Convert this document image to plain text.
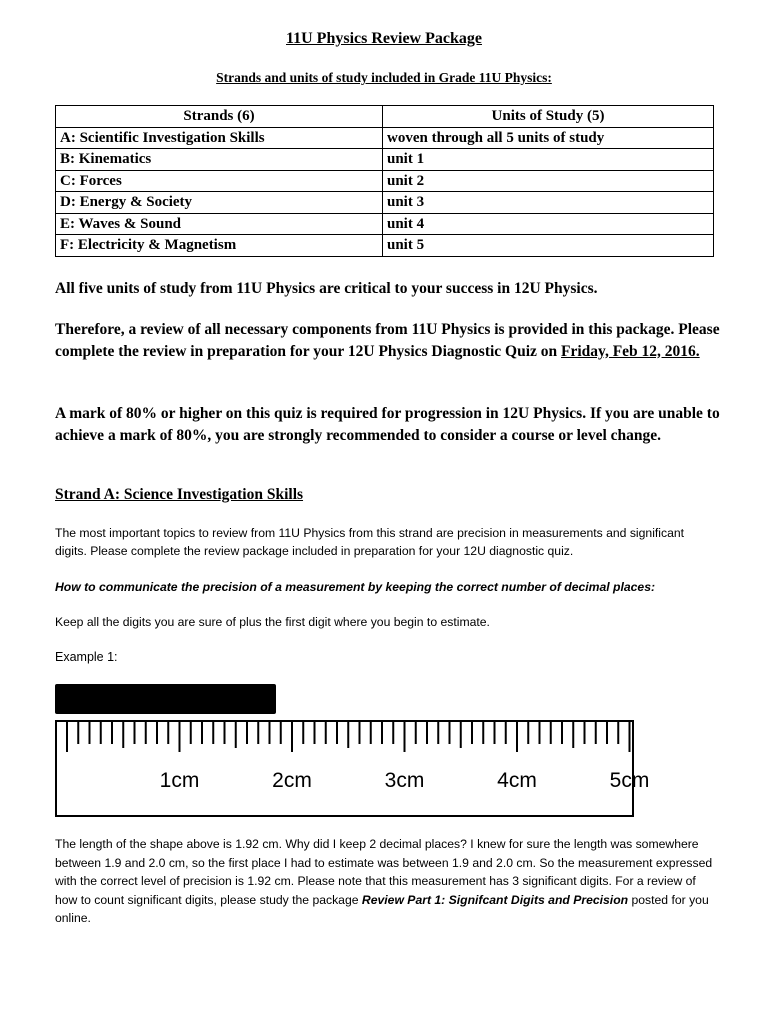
11U Physics Review Package
Strands and units of study included in Grade 11U Physics:
Strands (6)	Units of Study (5)
A: Scientific Investigation Skills	woven through all 5 units of study
B: Kinematics	unit 1
C: Forces	unit 2
D: Energy & Society	unit 3
E: Waves & Sound	unit 4
F: Electricity & Magnetism	unit 5
All five units of study from 11U Physics are critical to your success in 12U Physics.
Therefore, a review of all necessary components from 11U Physics is provided in this package. Please complete the review in preparation for your 12U Physics Diagnostic Quiz on Friday, Feb 12, 2016.
A mark of 80% or higher on this quiz is required for progression in 12U Physics. If you are unable to achieve a mark of 80%, you are strongly recommended to consider a course or level change.
Strand A: Science Investigation Skills
The most important topics to review from 11U Physics from this strand are precision in measurements and significant digits. Please complete the review package included in preparation for your 12U diagnostic quiz.
How to communicate the precision of a measurement by keeping the correct number of decimal places:
Keep all the digits you are sure of plus the first digit where you begin to estimate.
Example 1:
1cm	2cm	3cm	4cm	5cm
The length of the shape above is 1.92 cm. Why did I keep 2 decimal places? I knew for sure the length was somewhere between 1.9 and 2.0 cm, so the first place I had to estimate was between 1.9 and 2.0 cm. So the measurement expressed with the correct level of precision is 1.92 cm. Please note that this measurement has 3 significant digits. For a review of how to count significant digits, please study the package Review Part 1: Signifcant Digits and Precision posted for you online.
